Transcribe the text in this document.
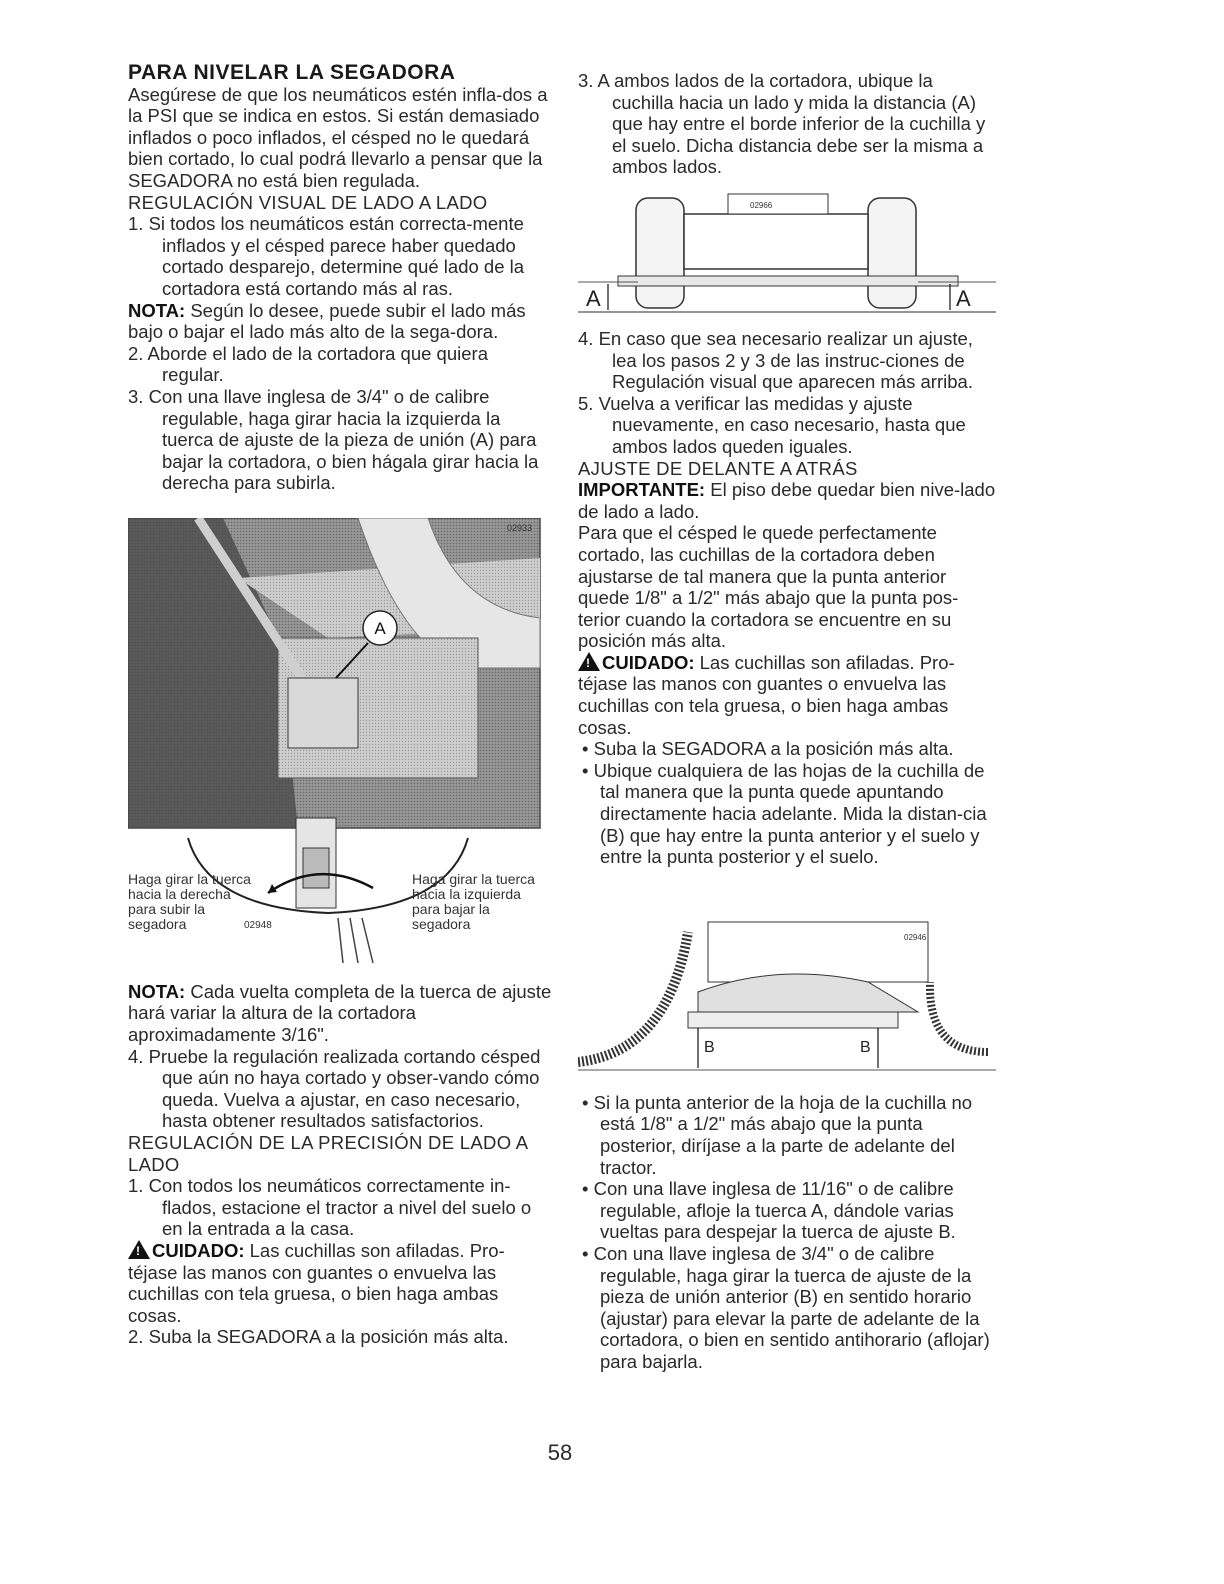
PARA NIVELAR LA SEGADORA

Asegúrese de que los neumáticos estén infla-dos a la PSI que se indica en estos. Si están demasiado inflados o poco inflados, el césped no le quedará bien cortado, lo cual podrá llevarlo a pensar que la SEGADORA no está bien regulada.

REGULACIÓN VISUAL DE LADO A LADO

1. Si todos los neumáticos están correcta-mente inflados y el césped parece haber quedado cortado desparejo, determine qué lado de la cortadora está cortando más al ras.

NOTA: Según lo desee, puede subir el lado más bajo o bajar el lado más alto de la sega-dora.

2. Aborde el lado de la cortadora que quiera regular.

3. Con una llave inglesa de 3/4" o de calibre regulable, haga girar hacia la izquierda la tuerca de ajuste de la pieza de unión (A) para bajar la cortadora, o bien hágala girar hacia la derecha para subirla.

A
02933
Haga girar la tuerca
hacia la derecha
para subir la
segadora	02948
Haga girar la tuerca
hacia la izquierda
para bajar la
segadora

NOTA: Cada vuelta completa de la tuerca de ajuste hará variar la altura de la cortadora aproximadamente 3/16".

4. Pruebe la regulación realizada cortando césped que aún no haya cortado y obser-vando cómo queda. Vuelva a ajustar, en caso necesario, hasta obtener resultados satisfactorios.

REGULACIÓN DE LA PRECISIÓN DE LADO A LADO

1. Con todos los neumáticos correctamente in-flados, estacione el tractor a nivel del suelo o en la entrada a la casa.

!CUIDADO: Las cuchillas son afiladas. Pro-téjase las manos con guantes o envuelva las cuchillas con tela gruesa, o bien haga ambas cosas.

2. Suba la SEGADORA a la posición más alta.

3. A ambos lados de la cortadora, ubique la cuchilla hacia un lado y mida la distancia (A) que hay entre el borde inferior de la cuchilla y el suelo. Dicha distancia debe ser la misma a ambos lados.

02966
A	A

4. En caso que sea necesario realizar un ajuste, lea los pasos 2 y 3 de las instruc-ciones de Regulación visual que aparecen más arriba.

5. Vuelva a verificar las medidas y ajuste nuevamente, en caso necesario, hasta que ambos lados queden iguales.

AJUSTE DE DELANTE A ATRÁS

IMPORTANTE: El piso debe quedar bien nive-lado de lado a lado.

Para que el césped le quede perfectamente cortado, las cuchillas de la cortadora deben ajustarse de tal manera que la punta anterior quede 1/8" a 1/2" más abajo que la punta pos-terior cuando la cortadora se encuentre en su posición más alta.

!CUIDADO: Las cuchillas son afiladas. Pro-téjase las manos con guantes o envuelva las cuchillas con tela gruesa, o bien haga ambas cosas.

• Suba la SEGADORA a la posición más alta.

• Ubique cualquiera de las hojas de la cuchilla de tal manera que la punta quede apuntando directamente hacia adelante. Mida la distan-cia (B) que hay entre la punta anterior y el suelo y entre la punta posterior y el suelo.

02946
B	B

• Si la punta anterior de la hoja de la cuchilla no está 1/8" a 1/2" más abajo que la punta posterior, diríjase a la parte de adelante del tractor.

• Con una llave inglesa de 11/16" o de calibre regulable, afloje la tuerca A, dándole varias vueltas para despejar la tuerca de ajuste B.

• Con una llave inglesa de 3/4" o de calibre regulable, haga girar la tuerca de ajuste de la pieza de unión anterior (B) en sentido horario (ajustar) para elevar la parte de adelante de la cortadora, o bien en sentido antihorario (aflojar) para bajarla.

58
